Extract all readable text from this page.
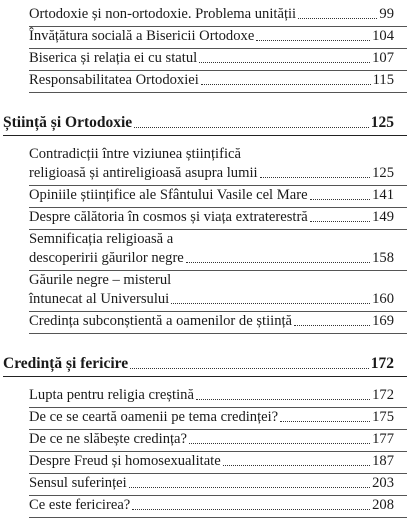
Ortodoxie și non-ortodoxie. Problema unității	99
Învățătura socială a Bisericii Ortodoxe	104
Biserica și relația ei cu statul	107
Responsabilitatea Ortodoxiei	115
Știință și Ortodoxie	125
Contradicții între viziunea științifică
religioasă și antireligioasă asupra lumii	125
Opiniile științifice ale Sfântului Vasile cel Mare	141
Despre călătoria în cosmos și viața extraterestră	149
Semnificația religioasă a
descoperirii găurilor negre	158
Găurile negre – misterul
întunecat al Universului	160
Credința subconștientă a oamenilor de știință	169
Credință și fericire	172
Lupta pentru religia creștină	172
De ce se ceartă oamenii pe tema credinței?	175
De ce ne slăbește credința?	177
Despre Freud și homosexualitate	187
Sensul suferinței	203
Ce este fericirea?	208
